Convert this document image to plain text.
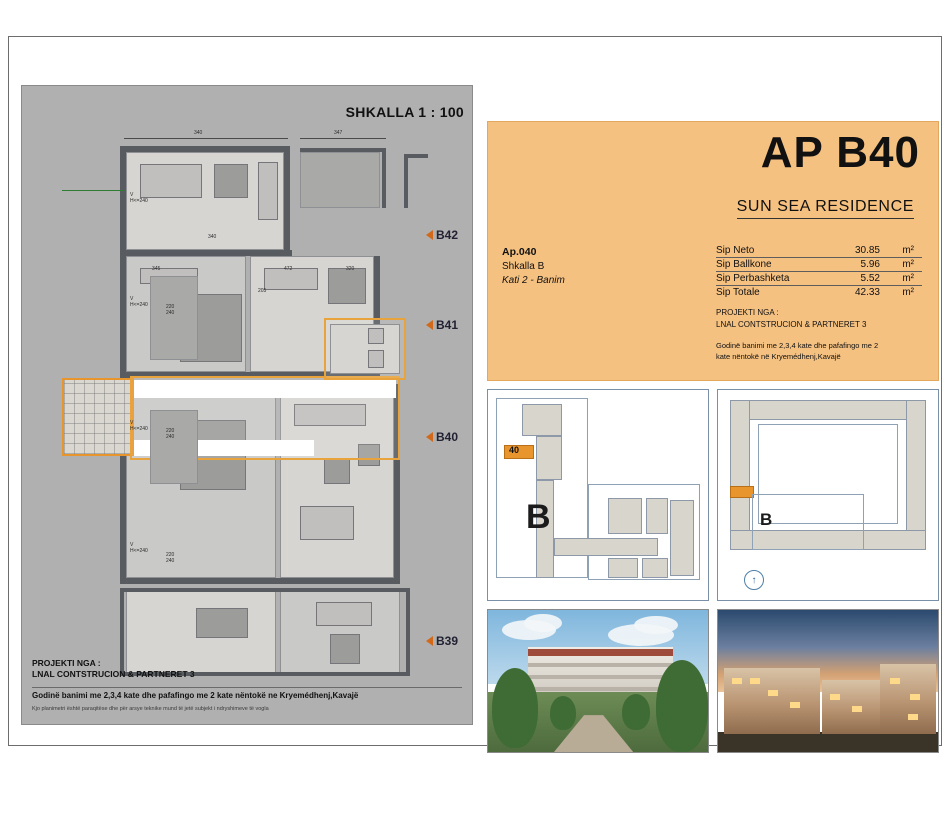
SHKALLA 1 : 100
340	347
340
345
205
472	320
V
H<=240
V
H<=240
V
H<=240
V
H<=240
220
240
220
240
220
240
B42
B41
B40
B39
PROJEKTI NGA :
LNAL CONTSTRUCION & PARTNERET 3
Godinë banimi me 2,3,4 kate dhe pafafingo me 2 kate nëntokë ne Kryemédhenj,Kavajë
Kjo planimetri është paraqitëse dhe për arsye teknike mund të jetë subjekt i ndryshimeve të vogla
AP B40
SUN SEA RESIDENCE
Ap.040
Shkalla B
Kati 2 - Banim
Sip Neto	30.85	m²
Sip Ballkone	5.96	m²
Sip Perbashketa	5.52	m²
Sip Totale	42.33	m²
PROJEKTI NGA :
LNAL CONTSTRUCION & PARTNERET 3
Godinë banimi me 2,3,4 kate dhe pafafingo me 2
kate nëntokë në Kryemédhenj,Kavajë
40
B	B
↑
